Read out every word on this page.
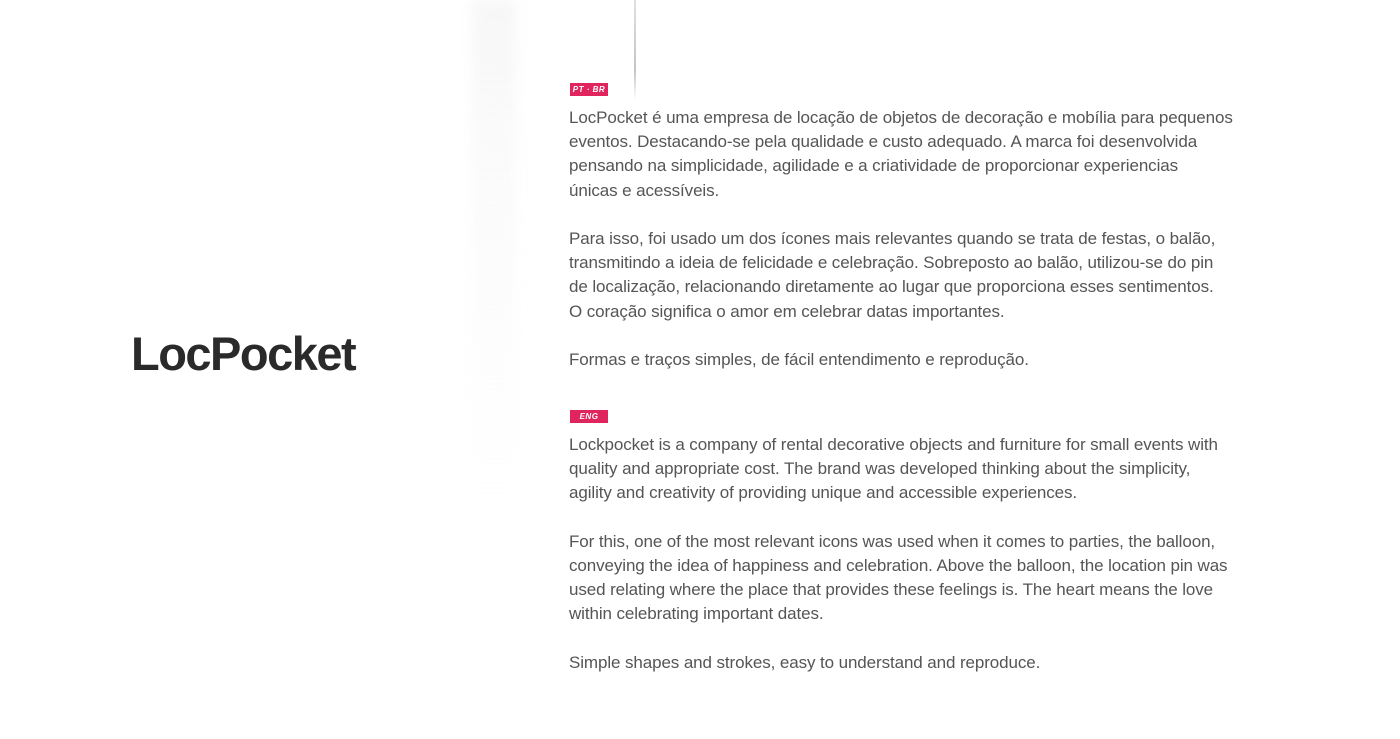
LocPocket
PT · BR

LocPocket é uma empresa de locação de objetos de decoração e mobília para pequenos
eventos. Destacando-se pela qualidade e custo adequado. A marca foi desenvolvida
pensando na simplicidade, agilidade e a criatividade de proporcionar experiencias
únicas e acessíveis.

Para isso, foi usado um dos ícones mais relevantes quando se trata de festas, o balão,
transmitindo a ideia de felicidade e celebração. Sobreposto ao balão, utilizou-se do pin
de localização, relacionando diretamente ao lugar que proporciona esses sentimentos.
O coração significa o amor em celebrar datas importantes.

Formas e traços simples, de fácil entendimento e reprodução.

ENG

Lockpocket is a company of rental decorative objects and furniture for small events with
quality and appropriate cost. The brand was developed thinking about the simplicity,
agility and creativity of providing unique and accessible experiences.

For this, one of the most relevant icons was used when it comes to parties, the balloon,
conveying the idea of happiness and celebration. Above the balloon, the location pin was
used relating where the place that provides these feelings is. The heart means the love
within celebrating important dates.

Simple shapes and strokes, easy to understand and reproduce.
